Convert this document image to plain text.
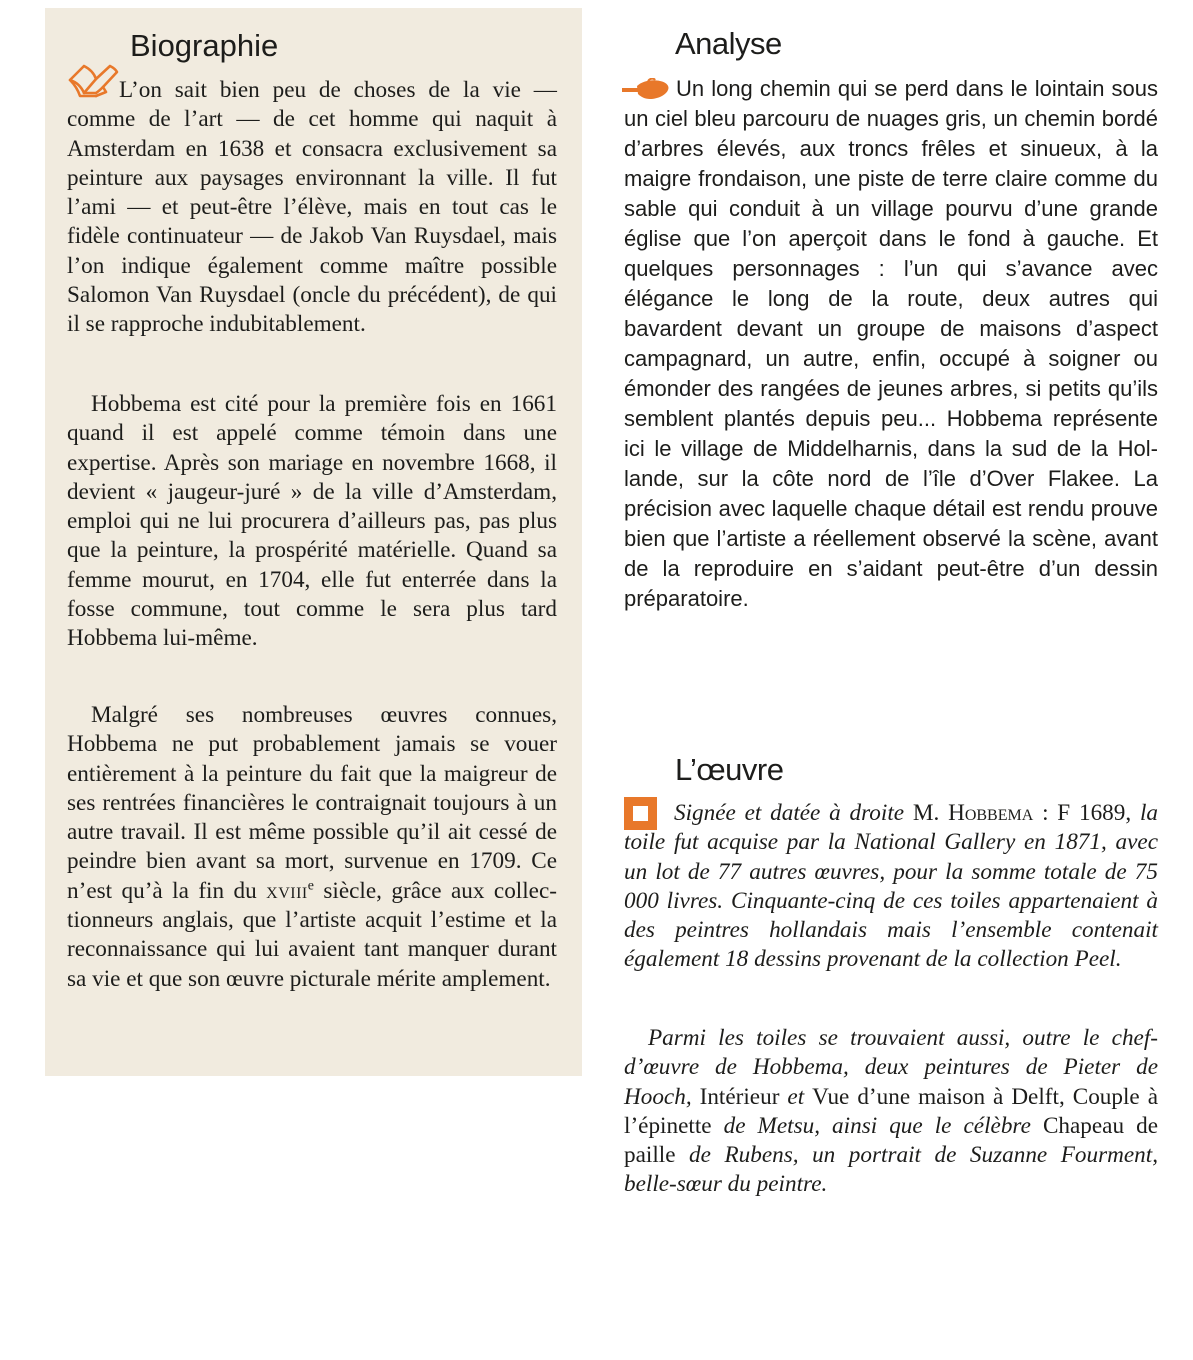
Biographie

L’on sait bien peu de choses de la vie — comme de l’art — de cet homme qui naquit à Amsterdam en 1638 et consacra exclusivement sa peinture aux paysages environnant la ville. Il fut l’ami — et peut-être l’élève, mais en tout cas le fidèle continuateur — de Jakob Van Ruysdael, mais l’on indique également comme maître possible Salomon Van Ruysdael (oncle du précédent), de qui il se rapproche indubitablement.

Hobbema est cité pour la première fois en 1661 quand il est appelé comme témoin dans une expertise. Après son mariage en novembre 1668, il devient « jaugeur-juré » de la ville d’Amsterdam, emploi qui ne lui procurera d’ailleurs pas, pas plus que la peinture, la prospérité matérielle. Quand sa femme mourut, en 1704, elle fut enterrée dans la fosse commune, tout comme le sera plus tard Hobbema lui-même.

Malgré ses nombreuses œuvres connues, Hobbema ne put probablement jamais se vouer entièrement à la peinture du fait que la maigreur de ses rentrées financières le contraignait toujours à un autre travail. Il est même possible qu’il ait cessé de peindre bien avant sa mort, survenue en 1709. Ce n’est qu’à la fin du xviii$^e$ siècle, grâce aux collectionneurs anglais, que l’artiste acquit l’estime et la reconnaissance qui lui avaient tant manquer durant sa vie et que son œuvre picturale mérite amplement.

Analyse

Un long chemin qui se perd dans le lointain sous un ciel bleu parcouru de nuages gris, un chemin bordé d’arbres élevés, aux troncs frêles et sinueux, à la maigre frondaison, une piste de terre claire comme du sable qui conduit à un village pourvu d’une grande église que l’on aperçoit dans le fond à gauche. Et quelques personnages : l’un qui s’avance avec élégance le long de la route, deux autres qui bavardent devant un groupe de maisons d’aspect campagnard, un autre, enfin, occupé à soigner ou émonder des rangées de jeunes arbres, si petits qu’ils semblent plantés depuis peu... Hobbema représente ici le village de Middelharnis, dans la sud de la Hollande, sur la côte nord de l’île d’Over Flakee. La précision avec laquelle chaque détail est rendu prouve bien que l’artiste a réellement observé la scène, avant de la reproduire en s’aidant peut-être d’un dessin préparatoire.

L’œuvre

Signée et datée à droite M. Hobbema : F 1689, la toile fut acquise par la National Gallery en 1871, avec un lot de 77 autres œuvres, pour la somme totale de 75 000 livres. Cinquante-cinq de ces toiles appartenaient à des peintres hollandais mais l’ensemble contenait également 18 dessins provenant de la collection Peel.

Parmi les toiles se trouvaient aussi, outre le chef-d’œuvre de Hobbema, deux peintures de Pieter de Hooch, Intérieur et Vue d’une maison à Delft, Couple à l’épinette de Metsu, ainsi que le célèbre Chapeau de paille de Rubens, un portrait de Suzanne Fourment, belle-sœur du peintre.
